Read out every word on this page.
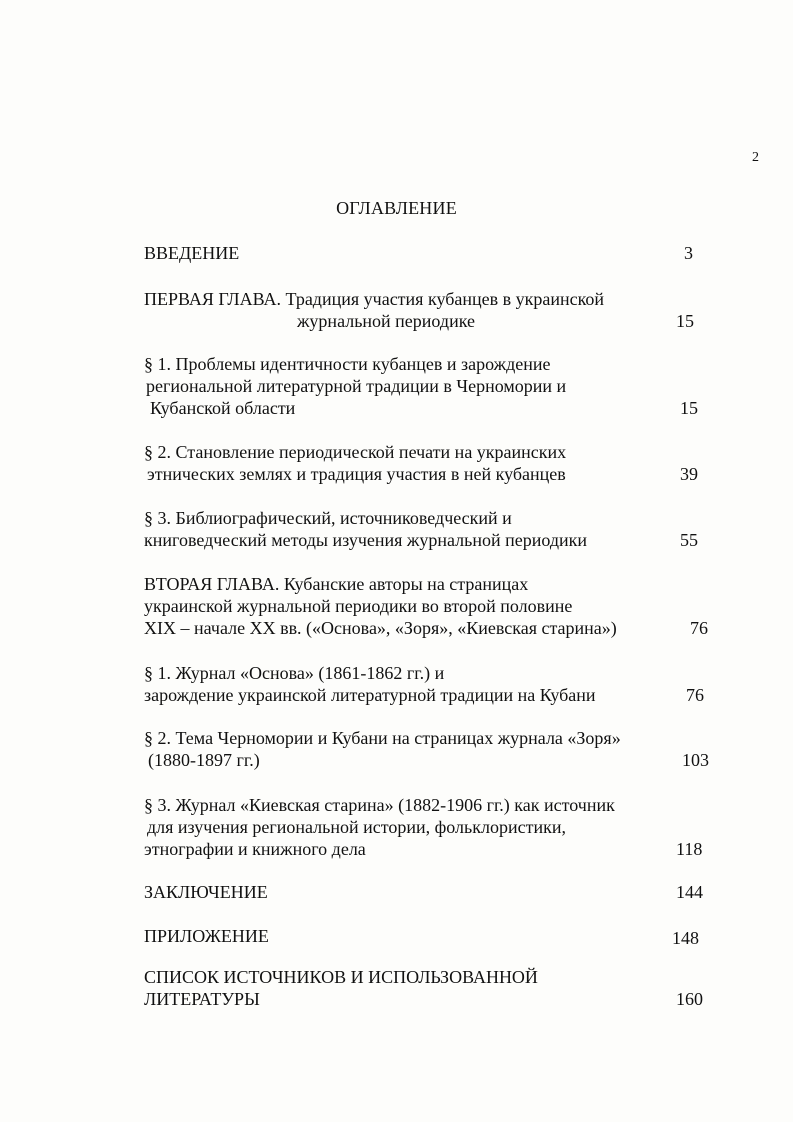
2
ОГЛАВЛЕНИЕ
ВВЕДЕНИЕ	3
ПЕРВАЯ ГЛАВА. Традиция участия кубанцев в украинской
журнальной периодике	15
§ 1. Проблемы идентичности кубанцев и зарождение
региональной литературной традиции в Черномории и
Кубанской области	15
§ 2. Становление периодической печати на украинских
этнических землях и традиция участия в ней кубанцев	39
§ 3. Библиографический, источниковедческий и
книговедческий методы изучения журнальной периодики	55
ВТОРАЯ ГЛАВА. Кубанские авторы на страницах
украинской журнальной периодики во второй половине
XIX – начале XX вв. («Основа», «Зоря», «Киевская старина»)	76
§ 1. Журнал «Основа» (1861-1862 гг.) и
зарождение украинской литературной традиции на Кубани	76
§ 2. Тема Черномории и Кубани на страницах журнала «Зоря»
(1880-1897 гг.)	103
§ 3. Журнал «Киевская старина» (1882-1906 гг.) как источник
для изучения региональной истории, фольклористики,
этнографии и книжного дела	118
ЗАКЛЮЧЕНИЕ	144
ПРИЛОЖЕНИЕ	148
СПИСОК ИСТОЧНИКОВ И ИСПОЛЬЗОВАННОЙ
ЛИТЕРАТУРЫ	160
